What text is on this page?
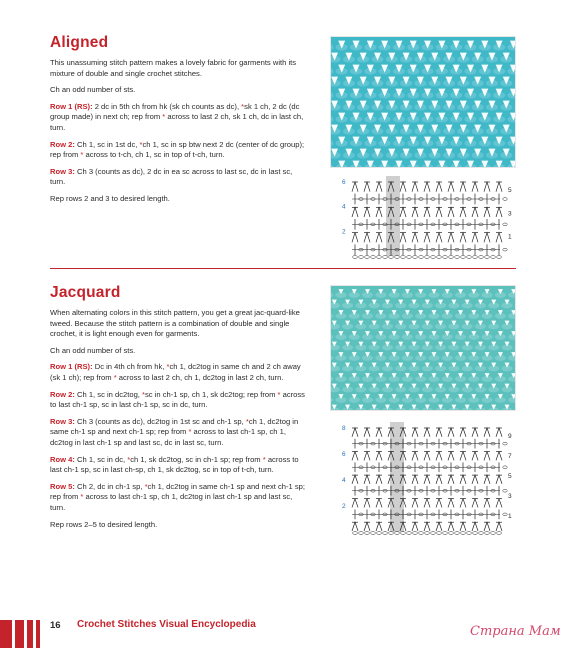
Aligned

This unassuming stitch pattern makes a lovely fabric for garments with its mixture of double and single crochet stitches.

Ch an odd number of sts.

Row 1 (RS): 2 dc in 5th ch from hk (sk ch counts as dc), *sk 1 ch, 2 dc (dc group made) in next ch; rep from * across to last 2 ch, sk 1 ch, dc in last ch, turn.

Row 2: Ch 1, sc in 1st dc, *ch 1, sc in sp btw next 2 dc (center of dc group); rep from * across to t-ch, ch 1, sc in top of t-ch, turn.

Row 3: Ch 3 (counts as dc), 2 dc in ea sc across to last sc, dc in last sc, turn.

Rep rows 2 and 3 to desired length.

6
4
2
5
3
1
Jacquard

When alternating colors in this stitch pattern, you get a great jac-quard-like tweed. Because the stitch pattern is a combination of double and single crochet, it is light enough even for garments.

Ch an odd number of sts.

Row 1 (RS): Dc in 4th ch from hk, *ch 1, dc2tog in same ch and 2 ch away (sk 1 ch); rep from * across to last 2 ch, ch 1, dc2tog in last 2 ch, turn.

Row 2: Ch 1, sc in dc2tog, *sc in ch-1 sp, ch 1, sk dc2tog; rep from * across to last ch-1 sp, sc in last ch-1 sp, sc in dc, turn.

Row 3: Ch 3 (counts as dc), dc2tog in 1st sc and ch-1 sp, *ch 1, dc2tog in same ch-1 sp and next ch-1 sp; rep from * across to last ch-1 sp, ch 1, dc2tog in last ch-1 sp and last sc, dc in last sc, turn.

Row 4: Ch 1, sc in dc, *ch 1, sk dc2tog, sc in ch-1 sp; rep from * across to last ch-1 sp, sc in last ch-sp, ch 1, sk dc2tog, sc in top of t-ch, turn.

Row 5: Ch 2, dc in ch-1 sp, *ch 1, dc2tog in same ch-1 sp and next ch-1 sp; rep from * across to last ch-1 sp, ch 1, dc2tog in last ch-1 sp and last sc, turn.

Rep rows 2–5 to desired length.

8
6
4
2
9
7
5
3
1
16 Crochet Stitches Visual Encyclopedia	Страна Мам
